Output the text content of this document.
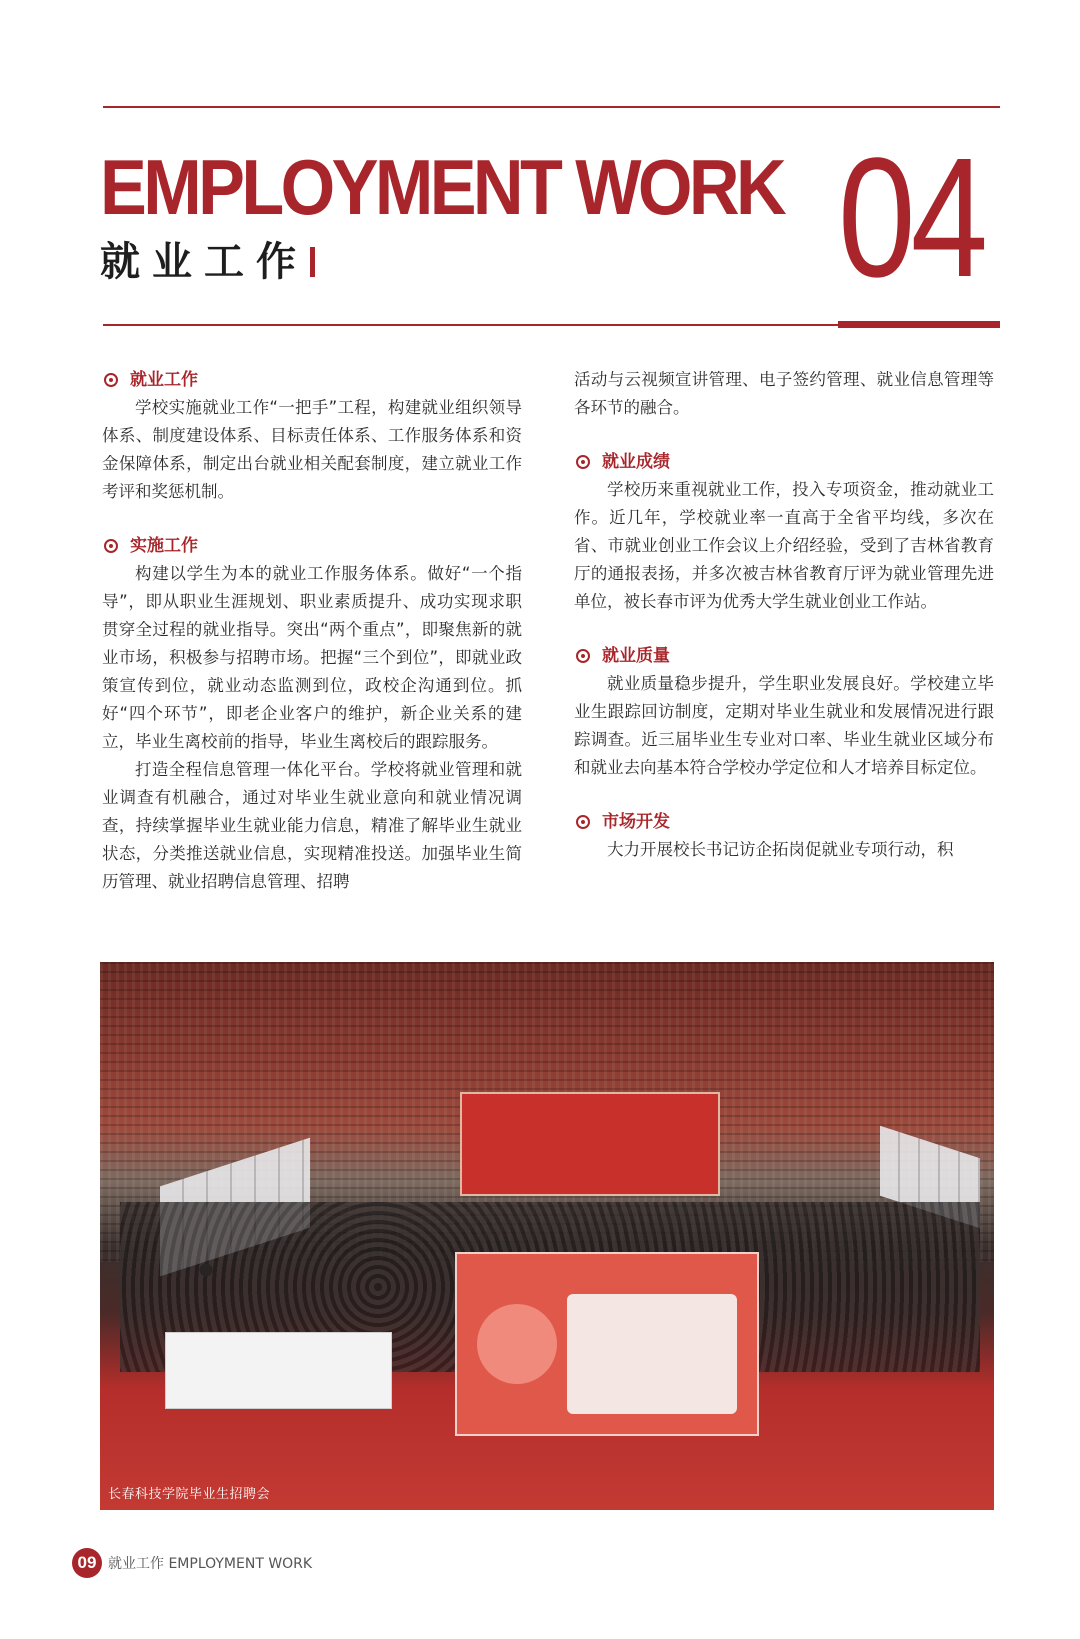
EMPLOYMENT WORK
就业工作	04
就业工作

学校实施就业工作“一把手”工程，构建就业组织领导体系、制度建设体系、目标责任体系、工作服务体系和资金保障体系，制定出台就业相关配套制度，建立就业工作考评和奖惩机制。

实施工作

构建以学生为本的就业工作服务体系。做好“一个指导”，即从职业生涯规划、职业素质提升、成功实现求职贯穿全过程的就业指导。突出“两个重点”，即聚焦新的就业市场，积极参与招聘市场。把握“三个到位”，即就业政策宣传到位，就业动态监测到位，政校企沟通到位。抓好“四个环节”，即老企业客户的维护，新企业关系的建立，毕业生离校前的指导，毕业生离校后的跟踪服务。

打造全程信息管理一体化平台。学校将就业管理和就业调查有机融合，通过对毕业生就业意向和就业情况调查，持续掌握毕业生就业能力信息，精准了解毕业生就业状态，分类推送就业信息，实现精准投送。加强毕业生简历管理、就业招聘信息管理、招聘

活动与云视频宣讲管理、电子签约管理、就业信息管理等各环节的融合。

就业成绩

学校历来重视就业工作，投入专项资金，推动就业工作。近几年，学校就业率一直高于全省平均线，多次在省、市就业创业工作会议上介绍经验，受到了吉林省教育厅的通报表扬，并多次被吉林省教育厅评为就业管理先进单位，被长春市评为优秀大学生就业创业工作站。

就业质量

就业质量稳步提升，学生职业发展良好。学校建立毕业生跟踪回访制度，定期对毕业生就业和发展情况进行跟踪调查。近三届毕业生专业对口率、毕业生就业区域分布和就业去向基本符合学校办学定位和人才培养目标定位。

市场开发

大力开展校长书记访企拓岗促就业专项行动，积

长春科技学院毕业生招聘会
09 就业工作 EMPLOYMENT WORK
